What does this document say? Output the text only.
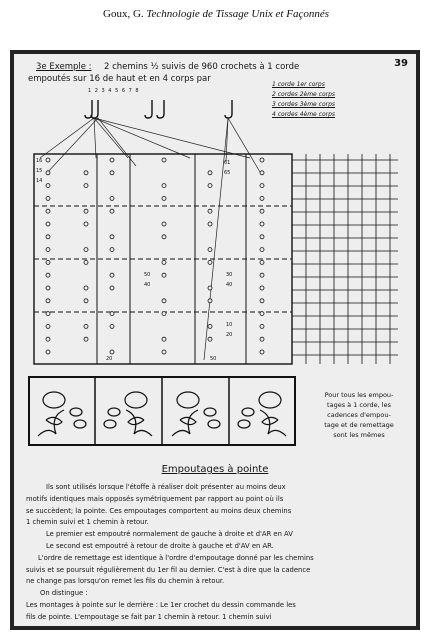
Goux, G. Technologie de Tissage Unix et Façonnés
39
3e Exemple : 2 chemins ½ suivis de 960 crochets à 1 corde
empoutés sur 16 de haut et en 4 corps par
1 2 3 4 5 6 7 8
1 corde 1er corps
2 cordes 2ème corps
3 cordes 3ème corps
4 cordes 4ème corps
16
15
14
61
65
50
40
30
40
10
20
20	50
Pour tous les empou-
tages à 1 corde, les
cadences d'empou-
tage et de remettage
sont les mêmes
Empoutages à pointe
Ils sont utilisés lorsque l'étoffe à réaliser doit présenter au moins deux
motifs identiques mais opposés symétriquement par rapport au point où ils
se succèdent; la pointe. Ces empoutages comportent au moins deux chemins
1 chemin suivi et 1 chemin à retour.
Le premier est empoutré normalement de gauche à droite et d'AR en AV
Le second est empoutré à retour de droite à gauche et d'AV en AR.
L'ordre de remettage est identique à l'ordre d'empoutage donné par les chemins
suivis et se poursuit régulièrement du 1er fil au dernier. C'est à dire que la cadence
ne change pas lorsqu'on remet les fils du chemin à retour.
On distingue :
Les montages à pointe sur le derrière : Le 1er crochet du dessin commande les
fils de pointe. L'empoutage se fait par 1 chemin à retour. 1 chemin suivi
